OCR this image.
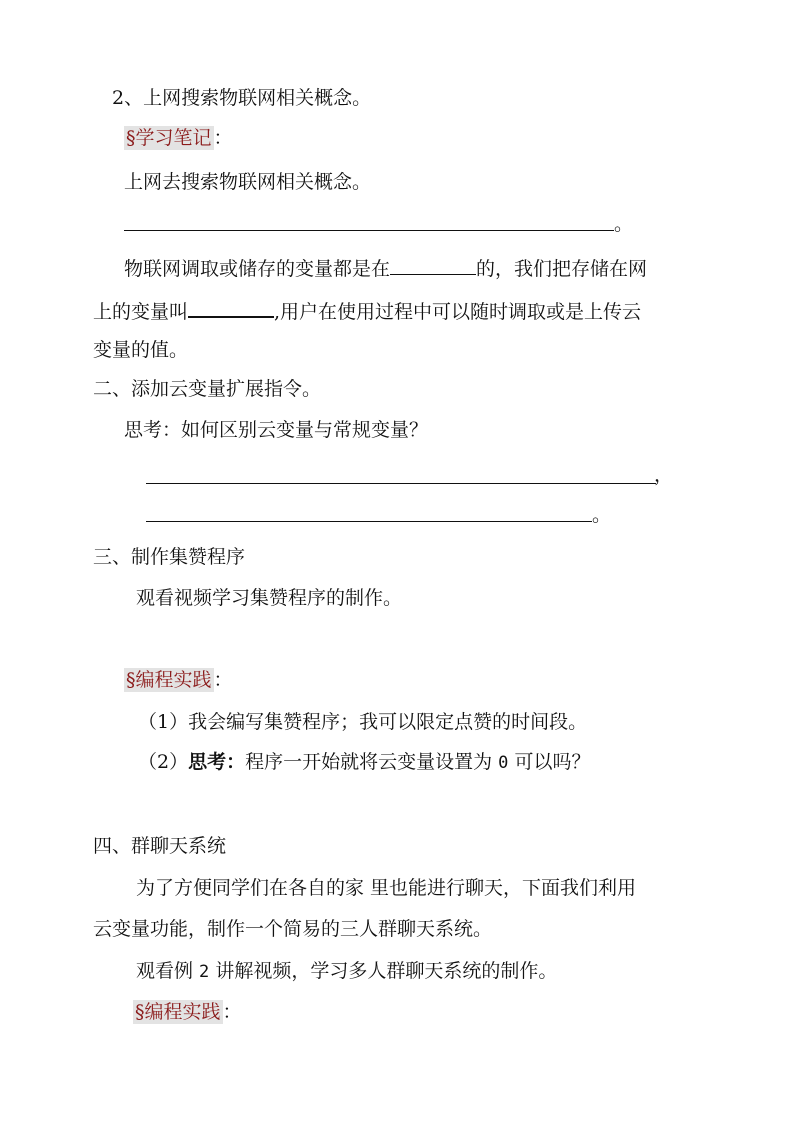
2、上网搜索物联网相关概念。
§学习笔记 ：
上网去搜索物联网相关概念。
。
物联网调取或储存的变量都是在	的，我们把存储在网
上的变量叫	,用户在使用过程中可以随时调取或是上传云
变量的值。
二、添加云变量扩展指令。
思考：如何区别云变量与常规变量？
，
。
三、制作集赞程序
观看视频学习集赞程序的制作。
§编程实践 ：
（1）我会编写集赞程序；我可以限定点赞的时间段。
（2）思考：程序一开始就将云变量设置为 0 可以吗？
四、群聊天系统
为了方便同学们在各自的家 里也能进行聊天，下面我们利用
云变量功能，制作一个简易的三人群聊天系统。
观看例 2 讲解视频，学习多人群聊天系统的制作。
§编程实践 ：
